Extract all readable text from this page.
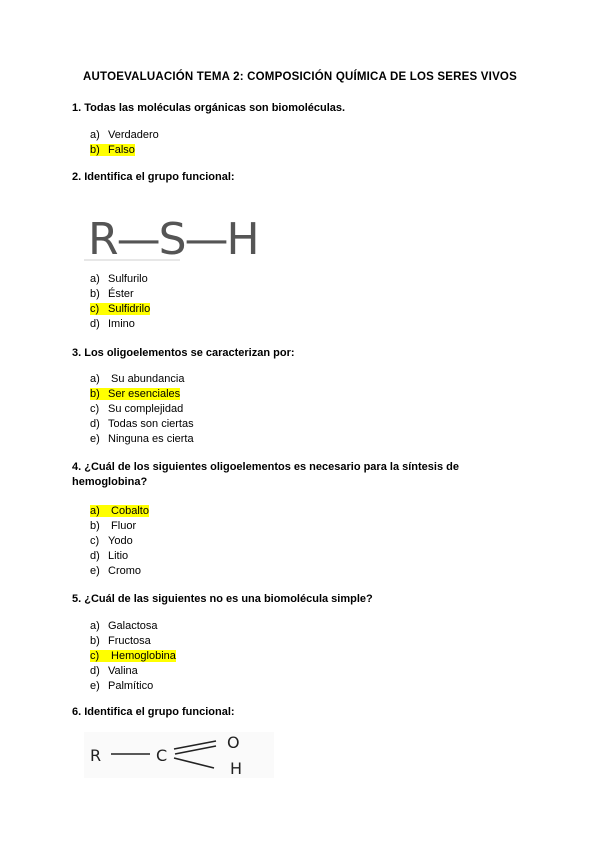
AUTOEVALUACIÓN TEMA 2: COMPOSICIÓN QUÍMICA DE LOS SERES VIVOS
1. Todas las moléculas orgánicas son biomoléculas.
a) Verdadero
b) Falso
2. Identifica el grupo funcional:
R—S—H
a) Sulfurilo
b) Éster
c) Sulfidrilo
d) Imino
3. Los oligoelementos se caracterizan por:
a) Su abundancia
b) Ser esenciales
c) Su complejidad
d) Todas son ciertas
e) Ninguna es cierta
4. ¿Cuál de los siguientes oligoelementos es necesario para la síntesis de hemoglobina?
a) Cobalto
b) Fluor
c) Yodo
d) Litio
e) Cromo
5. ¿Cuál de las siguientes no es una biomolécula simple?
a) Galactosa
b) Fructosa
c) Hemoglobina
d) Valina
e) Palmítico
6. Identifica el grupo funcional:
R	C
O
H
